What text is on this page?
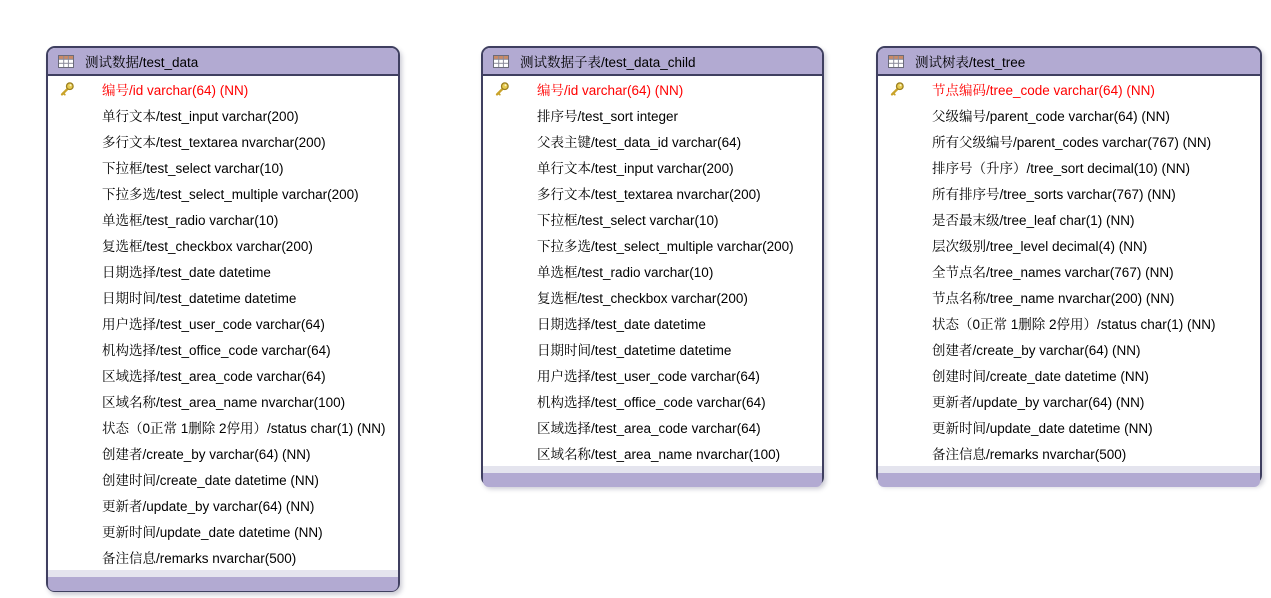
测试数据/test_data
编号/id varchar(64) (NN)
单行文本/test_input varchar(200)
多行文本/test_textarea nvarchar(200)
下拉框/test_select varchar(10)
下拉多选/test_select_multiple varchar(200)
单选框/test_radio varchar(10)
复选框/test_checkbox varchar(200)
日期选择/test_date datetime
日期时间/test_datetime datetime
用户选择/test_user_code varchar(64)
机构选择/test_office_code varchar(64)
区域选择/test_area_code varchar(64)
区域名称/test_area_name nvarchar(100)
状态（0正常 1删除 2停用）/status char(1) (NN)
创建者/create_by varchar(64) (NN)
创建时间/create_date datetime (NN)
更新者/update_by varchar(64) (NN)
更新时间/update_date datetime (NN)
备注信息/remarks nvarchar(500)
测试数据子表/test_data_child
编号/id varchar(64) (NN)
排序号/test_sort integer
父表主键/test_data_id varchar(64)
单行文本/test_input varchar(200)
多行文本/test_textarea nvarchar(200)
下拉框/test_select varchar(10)
下拉多选/test_select_multiple varchar(200)
单选框/test_radio varchar(10)
复选框/test_checkbox varchar(200)
日期选择/test_date datetime
日期时间/test_datetime datetime
用户选择/test_user_code varchar(64)
机构选择/test_office_code varchar(64)
区域选择/test_area_code varchar(64)
区域名称/test_area_name nvarchar(100)
测试树表/test_tree
节点编码/tree_code varchar(64) (NN)
父级编号/parent_code varchar(64) (NN)
所有父级编号/parent_codes varchar(767) (NN)
排序号（升序）/tree_sort decimal(10) (NN)
所有排序号/tree_sorts varchar(767) (NN)
是否最末级/tree_leaf char(1) (NN)
层次级别/tree_level decimal(4) (NN)
全节点名/tree_names varchar(767) (NN)
节点名称/tree_name nvarchar(200) (NN)
状态（0正常 1删除 2停用）/status char(1) (NN)
创建者/create_by varchar(64) (NN)
创建时间/create_date datetime (NN)
更新者/update_by varchar(64) (NN)
更新时间/update_date datetime (NN)
备注信息/remarks nvarchar(500)
